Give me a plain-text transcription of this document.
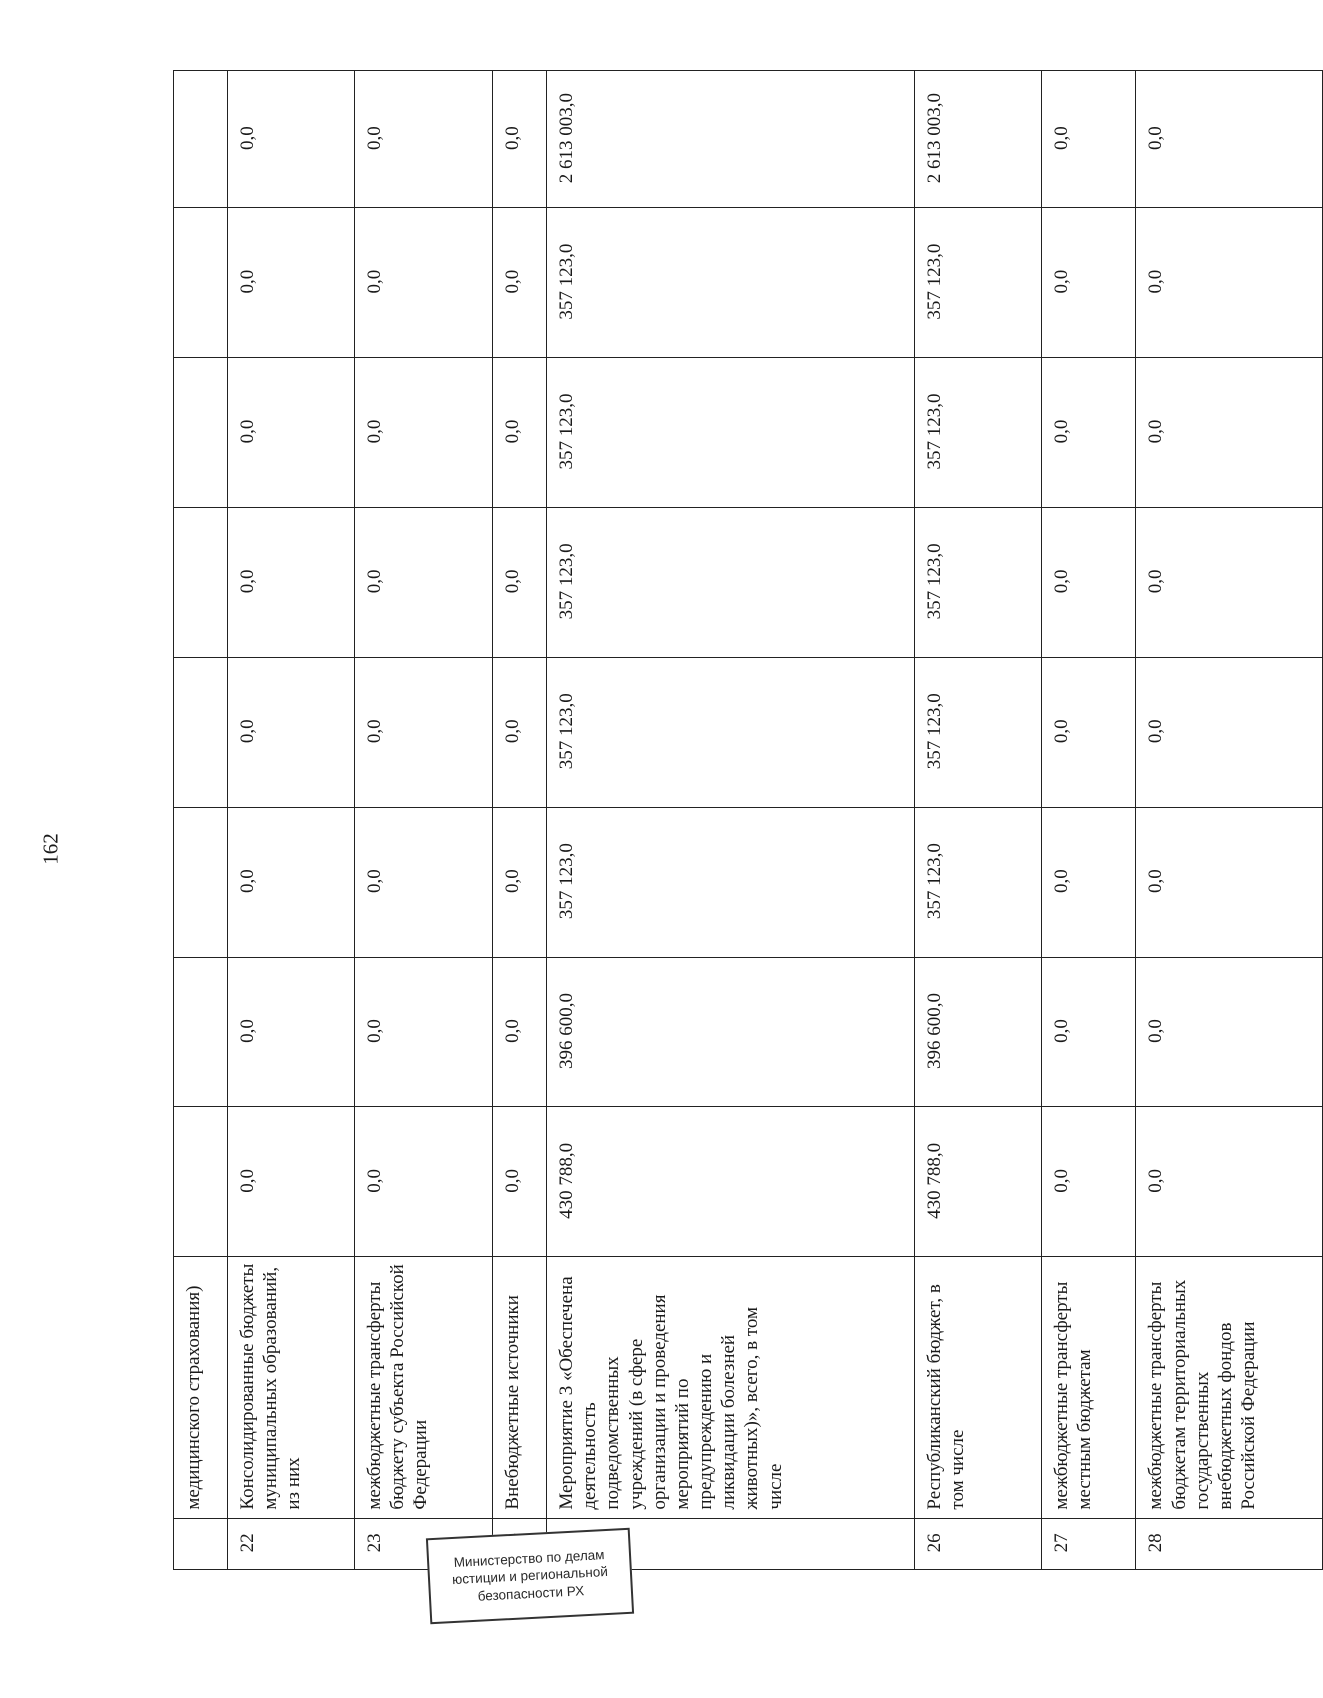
162
	медицинского страхования)								
22	Консолидированные бюджеты муниципальных образований, из них	0,0	0,0	0,0	0,0	0,0	0,0	0,0	0,0
23	межбюджетные трансферты бюджету субъекта Российской Федерации	0,0	0,0	0,0	0,0	0,0	0,0	0,0	0,0
	Внебюджетные источники	0,0	0,0	0,0	0,0	0,0	0,0	0,0	0,0
	Мероприятие 3 «Обеспечена деятельность подведомственных учреждений (в сфере организации и проведения мероприятий по предупреждению и ликвидации болезней животных)», всего, в том числе	430 788,0	396 600,0	357 123,0	357 123,0	357 123,0	357 123,0	357 123,0	2 613 003,0
26	Республиканский бюджет, в том числе	430 788,0	396 600,0	357 123,0	357 123,0	357 123,0	357 123,0	357 123,0	2 613 003,0
27	межбюджетные трансферты местным бюджетам	0,0	0,0	0,0	0,0	0,0	0,0	0,0	0,0
28	межбюджетные трансферты бюджетам территориальных государственных внебюджетных фондов Российской Федерации	0,0	0,0	0,0	0,0	0,0	0,0	0,0	0,0
Министерство по делам
юстиции и региональной
безопасности РХ
